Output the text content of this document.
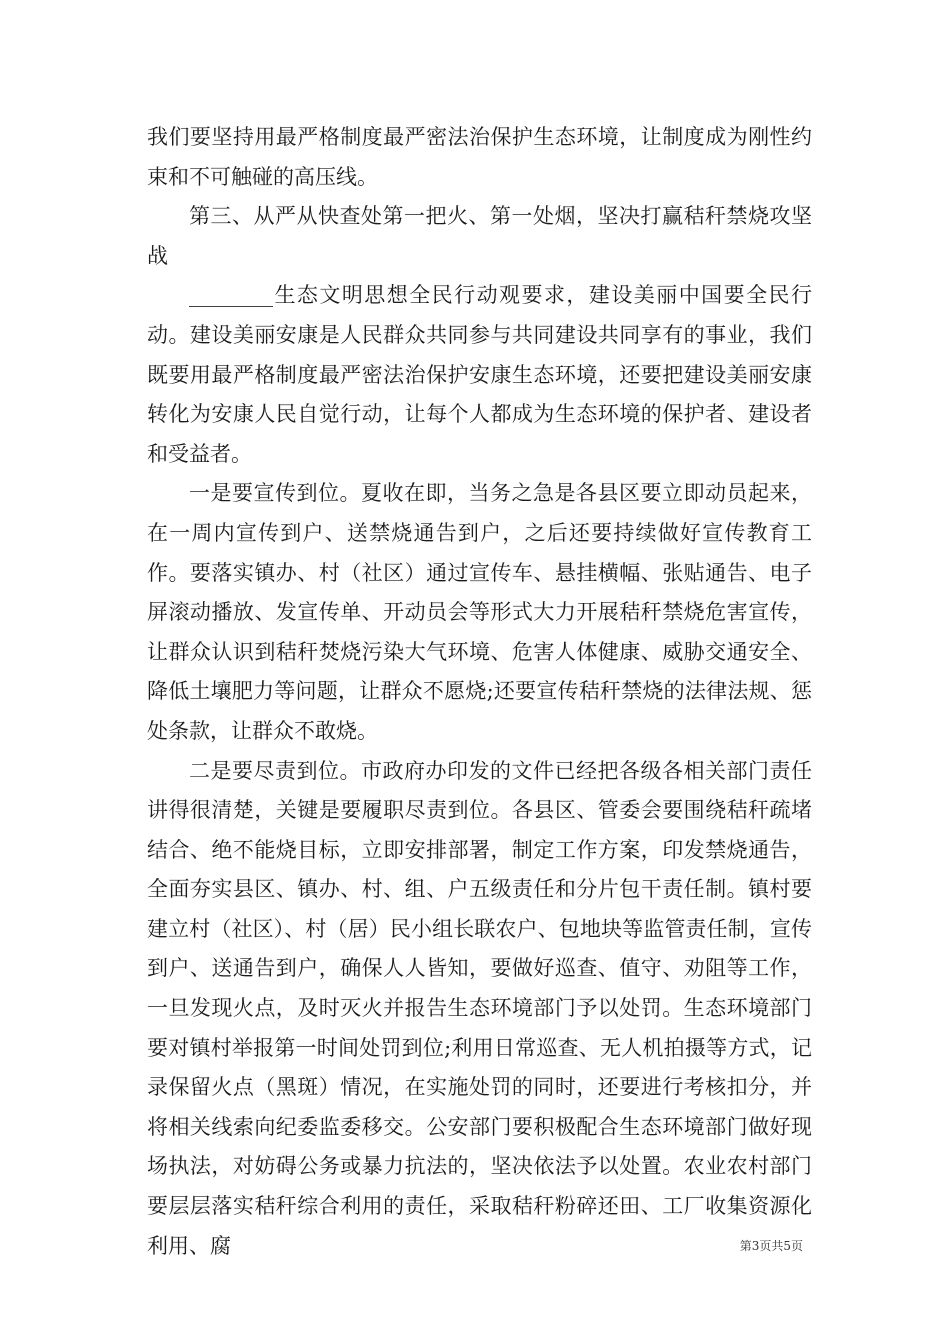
我们要坚持用最严格制度最严密法治保护生态环境，让制度成为刚性约束和不可触碰的高压线。

第三、从严从快查处第一把火、第一处烟，坚决打赢秸秆禁烧攻坚战

________生态文明思想全民行动观要求，建设美丽中国要全民行动。建设美丽安康是人民群众共同参与共同建设共同享有的事业，我们既要用最严格制度最严密法治保护安康生态环境，还要把建设美丽安康转化为安康人民自觉行动，让每个人都成为生态环境的保护者、建设者和受益者。

一是要宣传到位。夏收在即，当务之急是各县区要立即动员起来，在一周内宣传到户、送禁烧通告到户，之后还要持续做好宣传教育工作。要落实镇办、村（社区）通过宣传车、悬挂横幅、张贴通告、电子屏滚动播放、发宣传单、开动员会等形式大力开展秸秆禁烧危害宣传，让群众认识到秸秆焚烧污染大气环境、危害人体健康、威胁交通安全、降低土壤肥力等问题，让群众不愿烧;还要宣传秸秆禁烧的法律法规、惩处条款，让群众不敢烧。

二是要尽责到位。市政府办印发的文件已经把各级各相关部门责任讲得很清楚，关键是要履职尽责到位。各县区、管委会要围绕秸秆疏堵结合、绝不能烧目标，立即安排部署，制定工作方案，印发禁烧通告，全面夯实县区、镇办、村、组、户五级责任和分片包干责任制。镇村要建立村（社区）、村（居）民小组长联农户、包地块等监管责任制，宣传到户、送通告到户，确保人人皆知，要做好巡查、值守、劝阻等工作，一旦发现火点，及时灭火并报告生态环境部门予以处罚。生态环境部门要对镇村举报第一时间处罚到位;利用日常巡查、无人机拍摄等方式，记录保留火点（黑斑）情况，在实施处罚的同时，还要进行考核扣分，并将相关线索向纪委监委移交。公安部门要积极配合生态环境部门做好现场执法，对妨碍公务或暴力抗法的，坚决依法予以处置。农业农村部门要层层落实秸秆综合利用的责任，采取秸秆粉碎还田、工厂收集资源化利用、腐	第3页共5页
